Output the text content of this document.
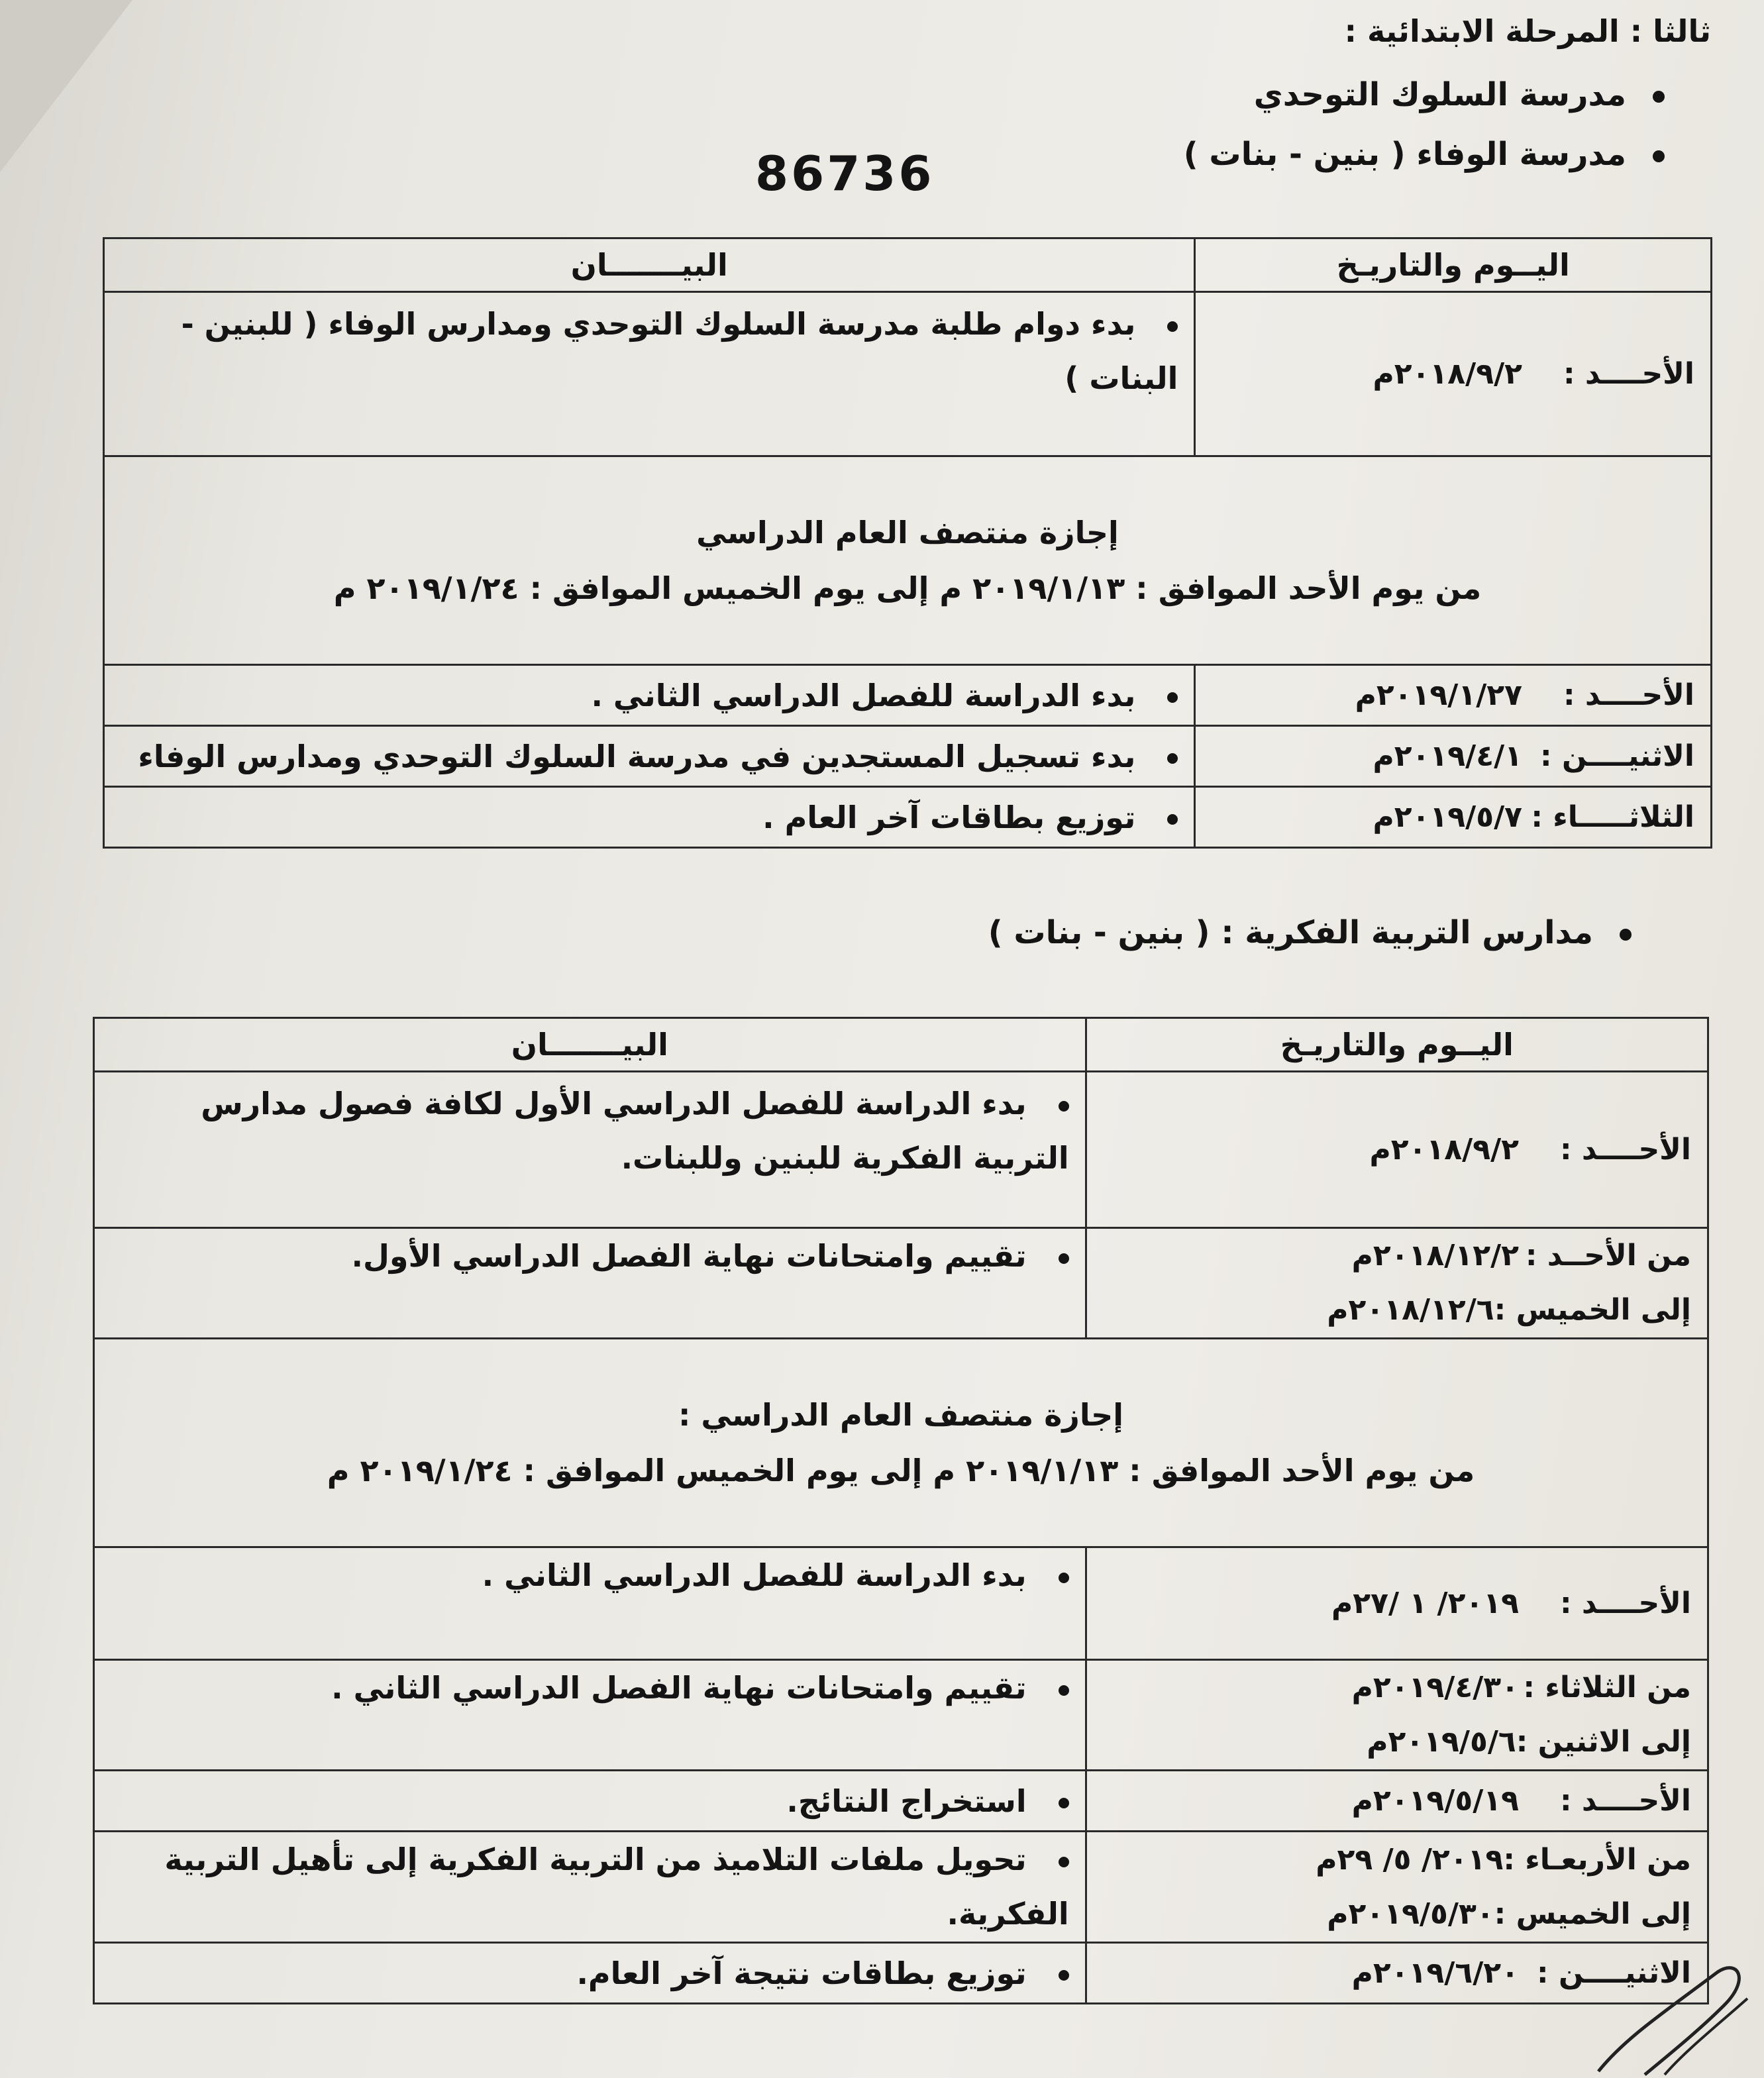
ثالثا : المرحلة الابتدائية :
مدرسة السلوك التوحدي
مدرسة الوفاء ( بنين - بنات )
86736
اليــوم والتاريـخ	البيـــــــان
الأحــــد :٢٠١٨/٩/٢م	بدء دوام طلبة مدرسة السلوك التوحدي ومدارس الوفاء ( للبنين - البنات )

إجازة منتصف العام الدراسي
من يوم الأحد الموافق : ٢٠١٩/١/١٣ م إلى يوم الخميس الموافق : ٢٠١٩/١/٢٤ م	

الأحــــد :٢٠١٩/١/٢٧م	بدء الدراسة للفصل الدراسي الثاني .
الاثنيــــن :٢٠١٩/٤/١م	بدء تسجيل المستجدين في مدرسة السلوك التوحدي ومدارس الوفاء
الثلاثـــــاء :٢٠١٩/٥/٧م	توزيع بطاقات آخر العام .
مدارس التربية الفكرية : ( بنين - بنات )
اليــوم والتاريـخ	البيـــــــان
الأحــــد :٢٠١٨/٩/٢م	بدء الدراسة للفصل الدراسي الأول لكافة فصول مدارس التربية الفكرية للبنين وللبنات.

من الأحــد :٢٠١٨/١٢/٢م
إلى الخميس :٢٠١٨/١٢/٦م	تقييم وامتحانات نهاية الفصل الدراسي الأول.

إجازة منتصف العام الدراسي :
من يوم الأحد الموافق : ٢٠١٩/١/١٣ م إلى يوم الخميس الموافق : ٢٠١٩/١/٢٤ م	

الأحــــد :٢٠١٩/ ١ /٢٧م	بدء الدراسة للفصل الدراسي الثاني .

من الثلاثاء :٢٠١٩/٤/٣٠م
إلى الاثنين :٢٠١٩/٥/٦م	تقييم وامتحانات نهاية الفصل الدراسي الثاني .
الأحــــد :٢٠١٩/٥/١٩م	استخراج النتائج.

من الأربعـاء :٢٠١٩/ ٥/ ٢٩م
إلى الخميس :٢٠١٩/٥/٣٠م	تحويل ملفات التلاميذ من التربية الفكرية إلى تأهيل التربية الفكرية.
الاثنيــــن :٢٠١٩/٦/٢٠م	توزيع بطاقات نتيجة آخر العام.
